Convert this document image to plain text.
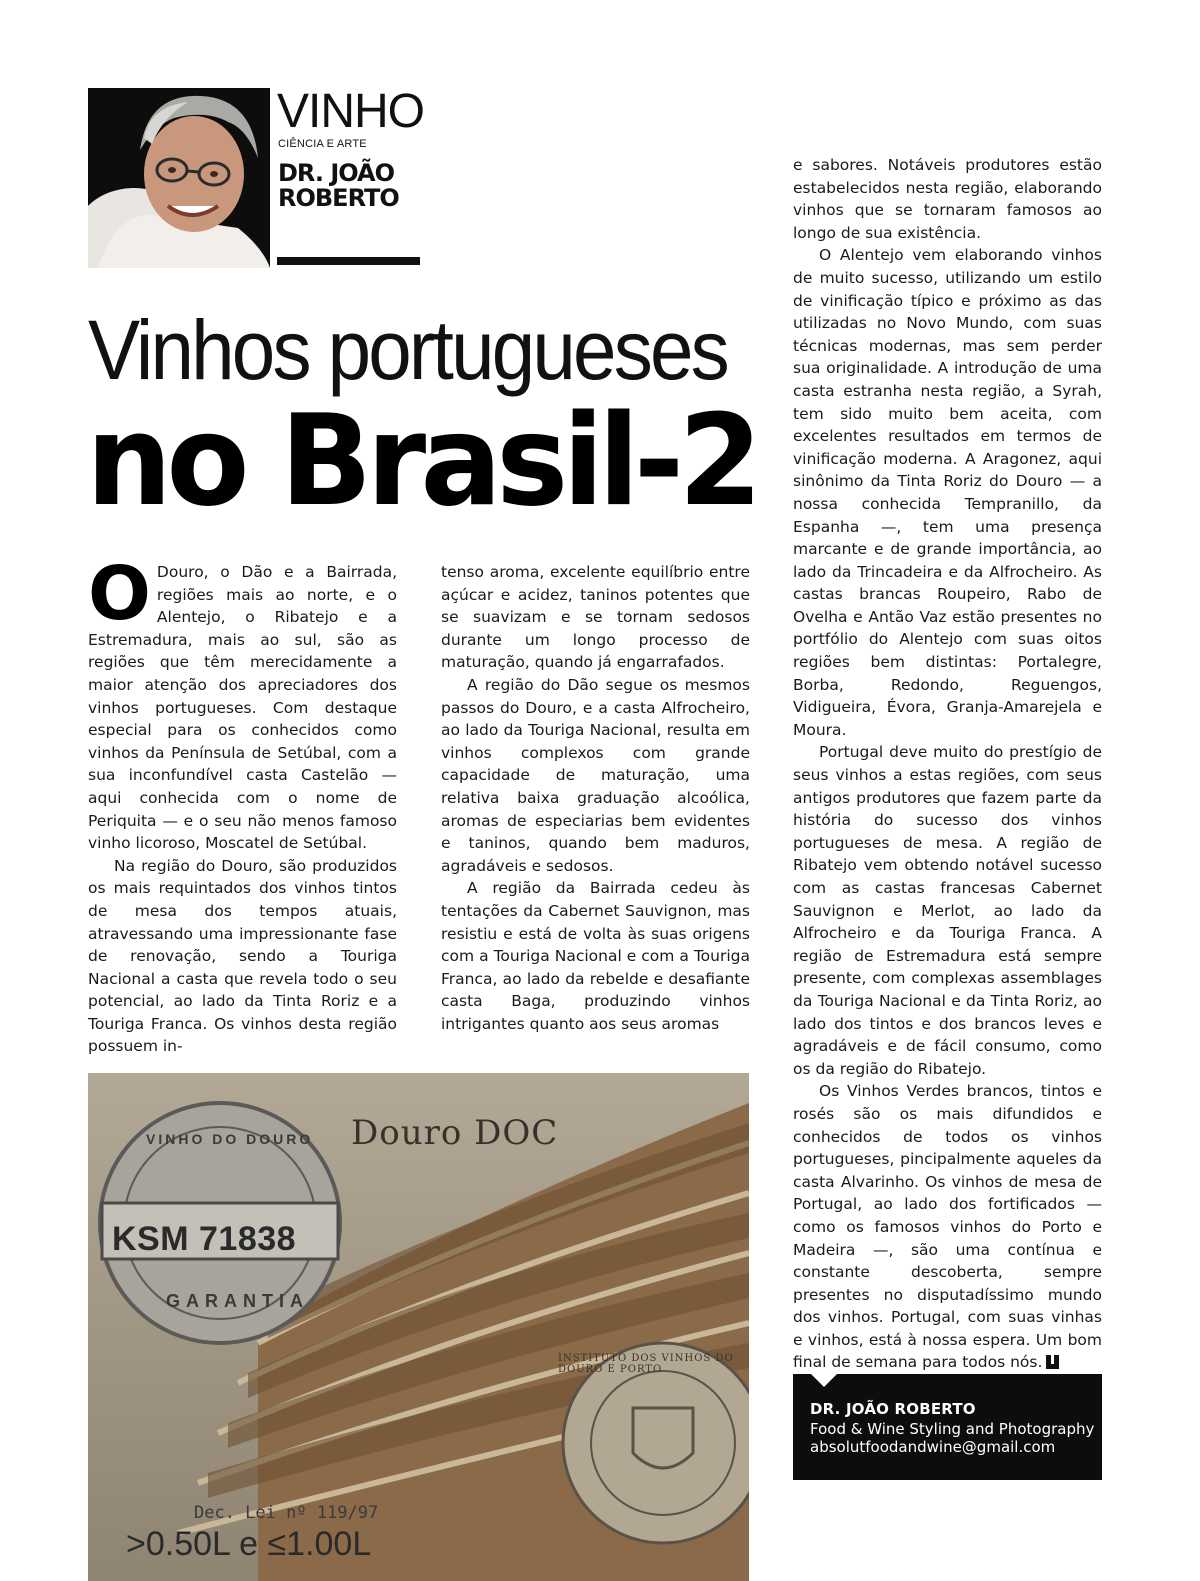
VINHO
CIÊNCIA E ARTE
DR. JOÃO
ROBERTO
Vinhos portugueses
no Brasil-2

O Douro, o Dão e a Bairrada, regiões mais ao norte, e o Alentejo, o Ribatejo e a Estremadura, mais ao sul, são as regiões que têm merecidamente a maior atenção dos apreciadores dos vinhos portugueses. Com destaque especial para os conhecidos como vinhos da Península de Setúbal, com a sua inconfundível casta Castelão — aqui conhecida com o nome de Periquita — e o seu não menos famoso vinho licoroso, Moscatel de Setúbal.

Na região do Douro, são produzidos os mais requintados dos vinhos tintos de mesa dos tempos atuais, atravessando uma impressionante fase de renovação, sendo a Touriga Nacional a casta que revela todo o seu potencial, ao lado da Tinta Roriz e a Touriga Franca. Os vinhos desta região possuem in-

tenso aroma, excelente equilíbrio entre açúcar e acidez, taninos potentes que se suavizam e se tornam sedosos durante um longo processo de maturação, quando já engarrafados.

A região do Dão segue os mesmos passos do Douro, e a casta Alfrocheiro, ao lado da Touriga Nacional, resulta em vinhos complexos com grande capacidade de maturação, uma relativa baixa graduação alcoólica, aromas de especiarias bem evidentes e taninos, quando bem maduros, agradáveis e sedosos.

A região da Bairrada cedeu às tentações da Cabernet Sauvignon, mas resistiu e está de volta às suas origens com a Touriga Nacional e com a Touriga Franca, ao lado da rebelde e desafiante casta Baga, produzindo vinhos intrigantes quanto aos seus aromas

e sabores. Notáveis produtores estão estabelecidos nesta região, elaborando vinhos que se tornaram famosos ao longo de sua existência.

O Alentejo vem elaborando vinhos de muito sucesso, utilizando um estilo de vinificação típico e próximo as das utilizadas no Novo Mundo, com suas técnicas modernas, mas sem perder sua originalidade. A introdução de uma casta estranha nesta região, a Syrah, tem sido muito bem aceita, com excelentes resultados em termos de vinificação moderna. A Aragonez, aqui sinônimo da Tinta Roriz do Douro — a nossa conhecida Tempranillo, da Espanha —, tem uma presença marcante e de grande importância, ao lado da Trincadeira e da Alfrocheiro. As castas brancas Roupeiro, Rabo de Ovelha e Antão Vaz estão presentes no portfólio do Alentejo com suas oitos regiões bem distintas: Portalegre, Borba, Redondo, Reguengos, Vidigueira, Évora, Granja-Amarejela e Moura.

Portugal deve muito do prestígio de seus vinhos a estas regiões, com seus antigos produtores que fazem parte da história do sucesso dos vinhos portugueses de mesa. A região de Ribatejo vem obtendo notável sucesso com as castas francesas Cabernet Sauvignon e Merlot, ao lado da Alfrocheiro e da Touriga Franca. A região de Estremadura está sempre presente, com complexas assemblages da Touriga Nacional e da Tinta Roriz, ao lado dos tintos e dos brancos leves e agradáveis e de fácil consumo, como os da região do Ribatejo.

Os Vinhos Verdes brancos, tintos e rosés são os mais difundidos e conhecidos de todos os vinhos portugueses, pincipalmente aqueles da casta Alvarinho. Os vinhos de mesa de Portugal, ao lado dos fortificados — como os famosos vinhos do Porto e Madeira —, são uma contínua e constante descoberta, sempre presentes no disputadíssimo mundo dos vinhos. Portugal, com suas vinhas e vinhos, está à nossa espera. Um bom final de semana para todos nós.

Douro DOC
KSM 71838
VINHO DO DOURO
GARANTIA
INSTITUTO DOS VINHOS DO DOURO E PORTO
Dec. Lei nº 119/97
>0.50L e ≤1.00L
DR. JOÃO ROBERTO
Food & Wine Styling and Photography
absolutfoodandwine@gmail.com
